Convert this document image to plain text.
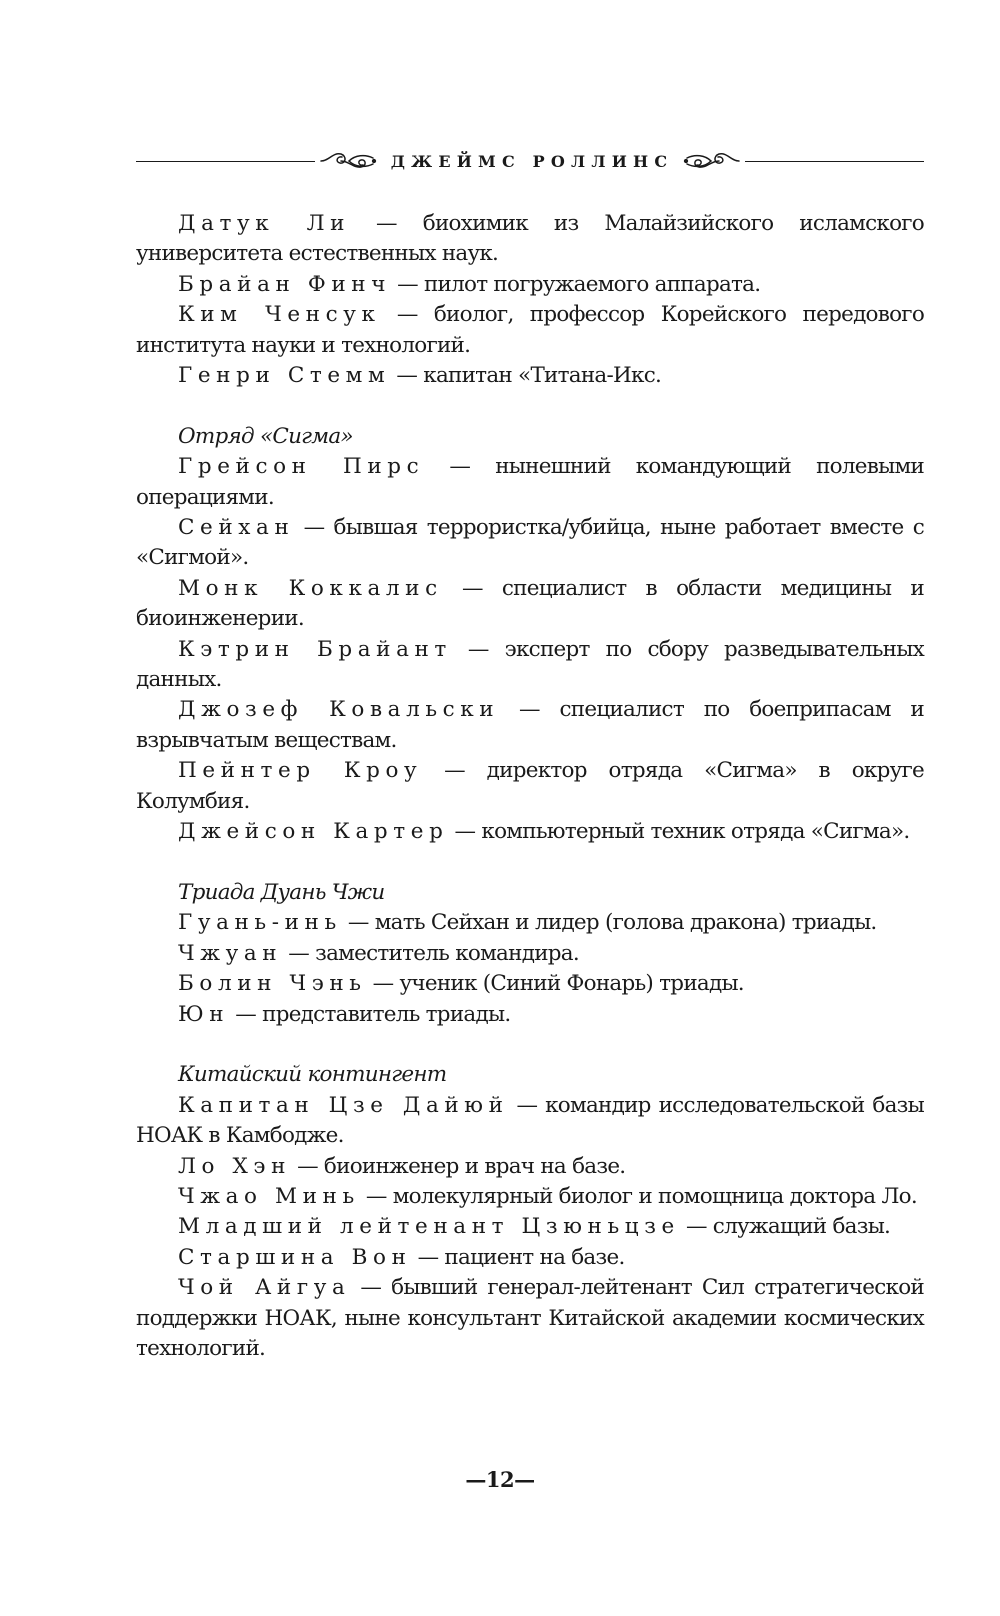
ДЖЕЙМС РОЛЛИНС

Датук Ли — биохимик из Малайзийского исламского университета естественных наук.

Брайан Финч — пилот погружаемого аппарата.

Ким Ченсук — биолог, профессор Корейского передового института науки и технологий.

Генри Стемм — капитан «Титана-Икс.

Отряд «Сигма»

Грейсон Пирс — нынешний командующий полевыми операциями.

Сейхан — бывшая террористка/убийца, ныне работает вместе с «Сигмой».

Монк Коккалис — специалист в области медицины и биоинженерии.

Кэтрин Брайант — эксперт по сбору разведывательных данных.

Джозеф Ковальски — специалист по боеприпасам и взрывчатым веществам.

Пейнтер Кроу — директор отряда «Сигма» в округе Колумбия.

Джейсон Картер — компьютерный техник отряда «Сигма».

Триада Дуань Чжи

Гуань-инь — мать Сейхан и лидер (голова дракона) триады.

Чжуан — заместитель командира.

Болин Чэнь — ученик (Синий Фонарь) триады.

Юн — представитель триады.

Китайский контингент

Капитан Цзе Дайюй — командир исследовательской базы НОАК в Камбодже.

Ло Хэн — биоинженер и врач на базе.

Чжао Минь — молекулярный биолог и помощница доктора Ло.

Младший лейтенант Цзюньцзе — служащий базы.

Старшина Вон — пациент на базе.

Чой Айгуа — бывший генерал-лейтенант Сил стратегической поддержки НОАК, ныне консультант Китайской академии космических технологий.

—12—
